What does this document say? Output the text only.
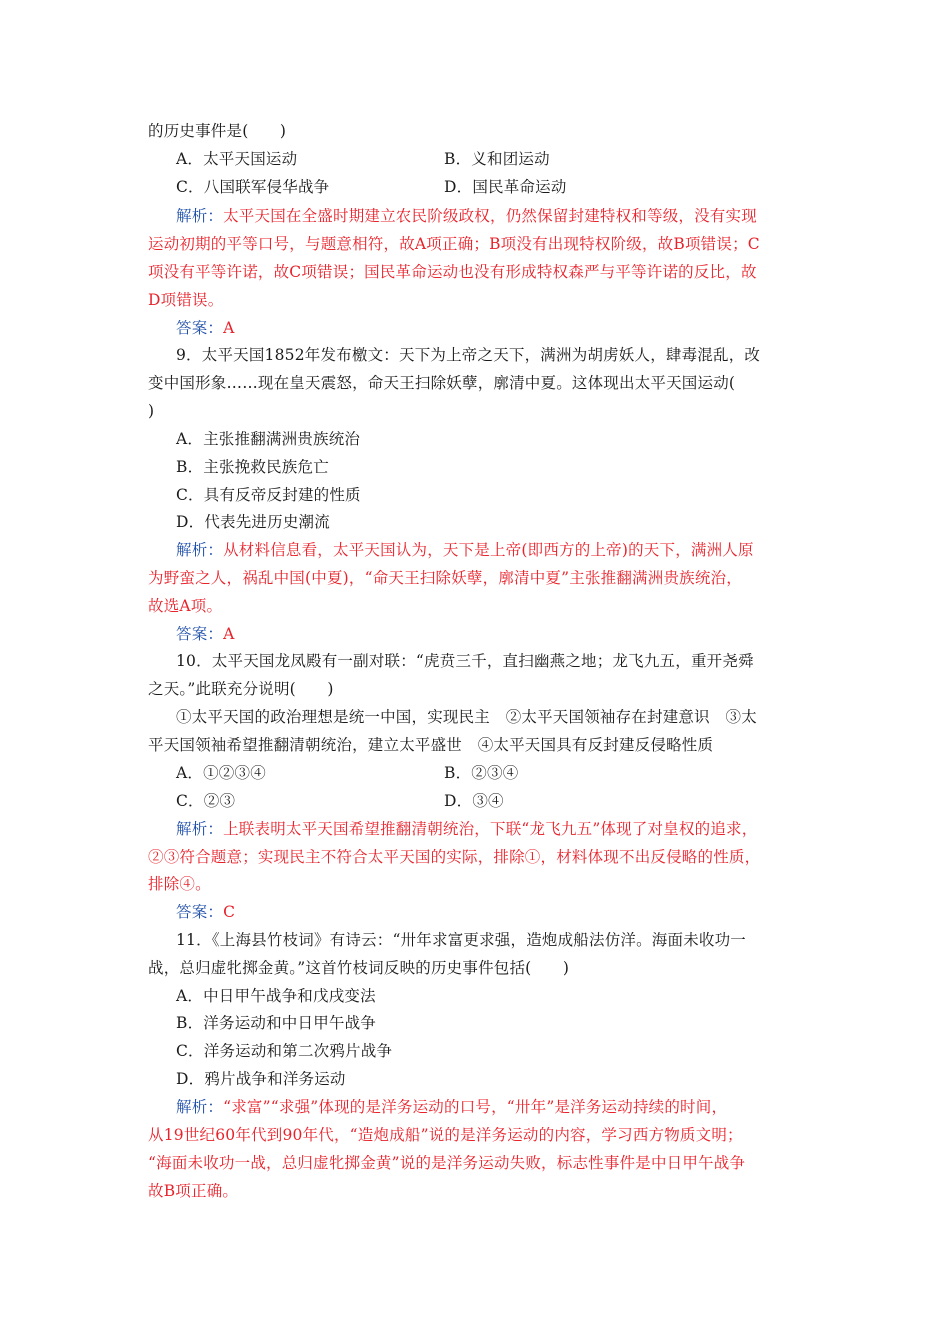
的历史事件是(　　)
A．太平天国运动	B．义和团运动
C．八国联军侵华战争	D．国民革命运动
解析：太平天国在全盛时期建立农民阶级政权，仍然保留封建特权和等级，没有实现
运动初期的平等口号，与题意相符，故A项正确；B项没有出现特权阶级，故B项错误；C
项没有平等许诺，故C项错误；国民革命运动也没有形成特权森严与平等许诺的反比，故
D项错误。
答案：A
9．太平天国1852年发布檄文：天下为上帝之天下，满洲为胡虏妖人，肆毒混乱，改
变中国形象……现在皇天震怒，命天王扫除妖孽，廓清中夏。这体现出太平天国运动(
)
A．主张推翻满洲贵族统治
B．主张挽救民族危亡
C．具有反帝反封建的性质
D．代表先进历史潮流
解析：从材料信息看，太平天国认为，天下是上帝(即西方的上帝)的天下，满洲人原
为野蛮之人，祸乱中国(中夏)，“命天王扫除妖孽，廓清中夏”主张推翻满洲贵族统治，
故选A项。
答案：A
10．太平天国龙凤殿有一副对联：“虎贲三千，直扫幽燕之地；龙飞九五，重开尧舜
之天。”此联充分说明(　　)
①太平天国的政治理想是统一中国，实现民主　②太平天国领袖存在封建意识　③太
平天国领袖希望推翻清朝统治，建立太平盛世　④太平天国具有反封建反侵略性质
A．①②③④	B．②③④
C．②③	D．③④
解析：上联表明太平天国希望推翻清朝统治，下联“龙飞九五”体现了对皇权的追求，
②③符合题意；实现民主不符合太平天国的实际，排除①，材料体现不出反侵略的性质，
排除④。
答案：C
11．《上海县竹枝词》有诗云：“卅年求富更求强，造炮成船法仿洋。海面未收功一
战，总归虚牝掷金黄。”这首竹枝词反映的历史事件包括(　　)
A．中日甲午战争和戊戌变法
B．洋务运动和中日甲午战争
C．洋务运动和第二次鸦片战争
D．鸦片战争和洋务运动
解析：“求富”“求强”体现的是洋务运动的口号，“卅年”是洋务运动持续的时间，
从19世纪60年代到90年代，“造炮成船”说的是洋务运动的内容，学习西方物质文明；
“海面未收功一战，总归虚牝掷金黄”说的是洋务运动失败，标志性事件是中日甲午战争
故B项正确。
